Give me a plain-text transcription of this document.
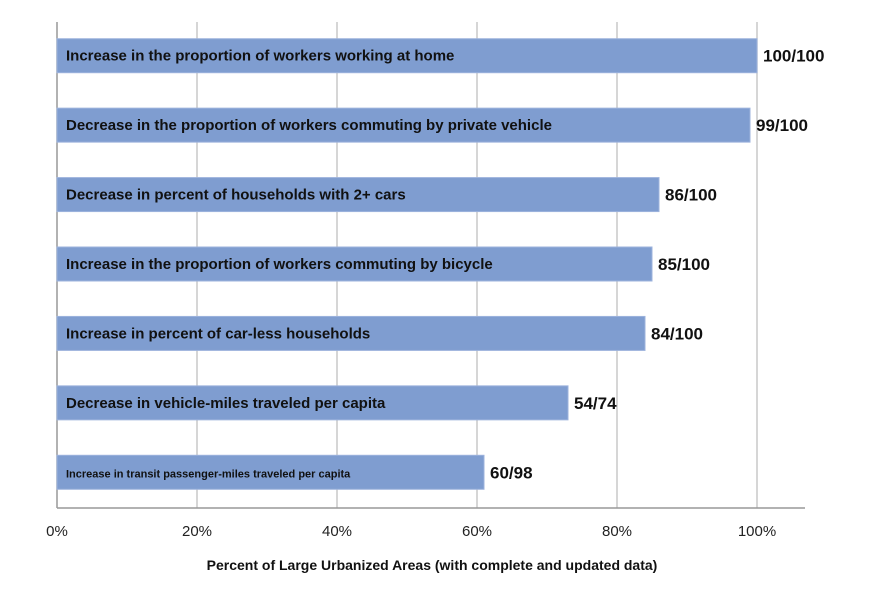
Increase in the proportion of workers working at home
Decrease in the proportion of workers commuting by private vehicle
Decrease in percent of households with 2+ cars
Increase in the proportion of workers commuting by bicycle
Increase in percent of car-less households
Decrease in vehicle-miles traveled per capita
Increase in transit passenger-miles traveled per capita
100/100
99/100
86/100
85/100
84/100
54/74
60/98
0%	20%	40%	60%	80%	100%
Percent of Large Urbanized Areas (with complete and updated data)
